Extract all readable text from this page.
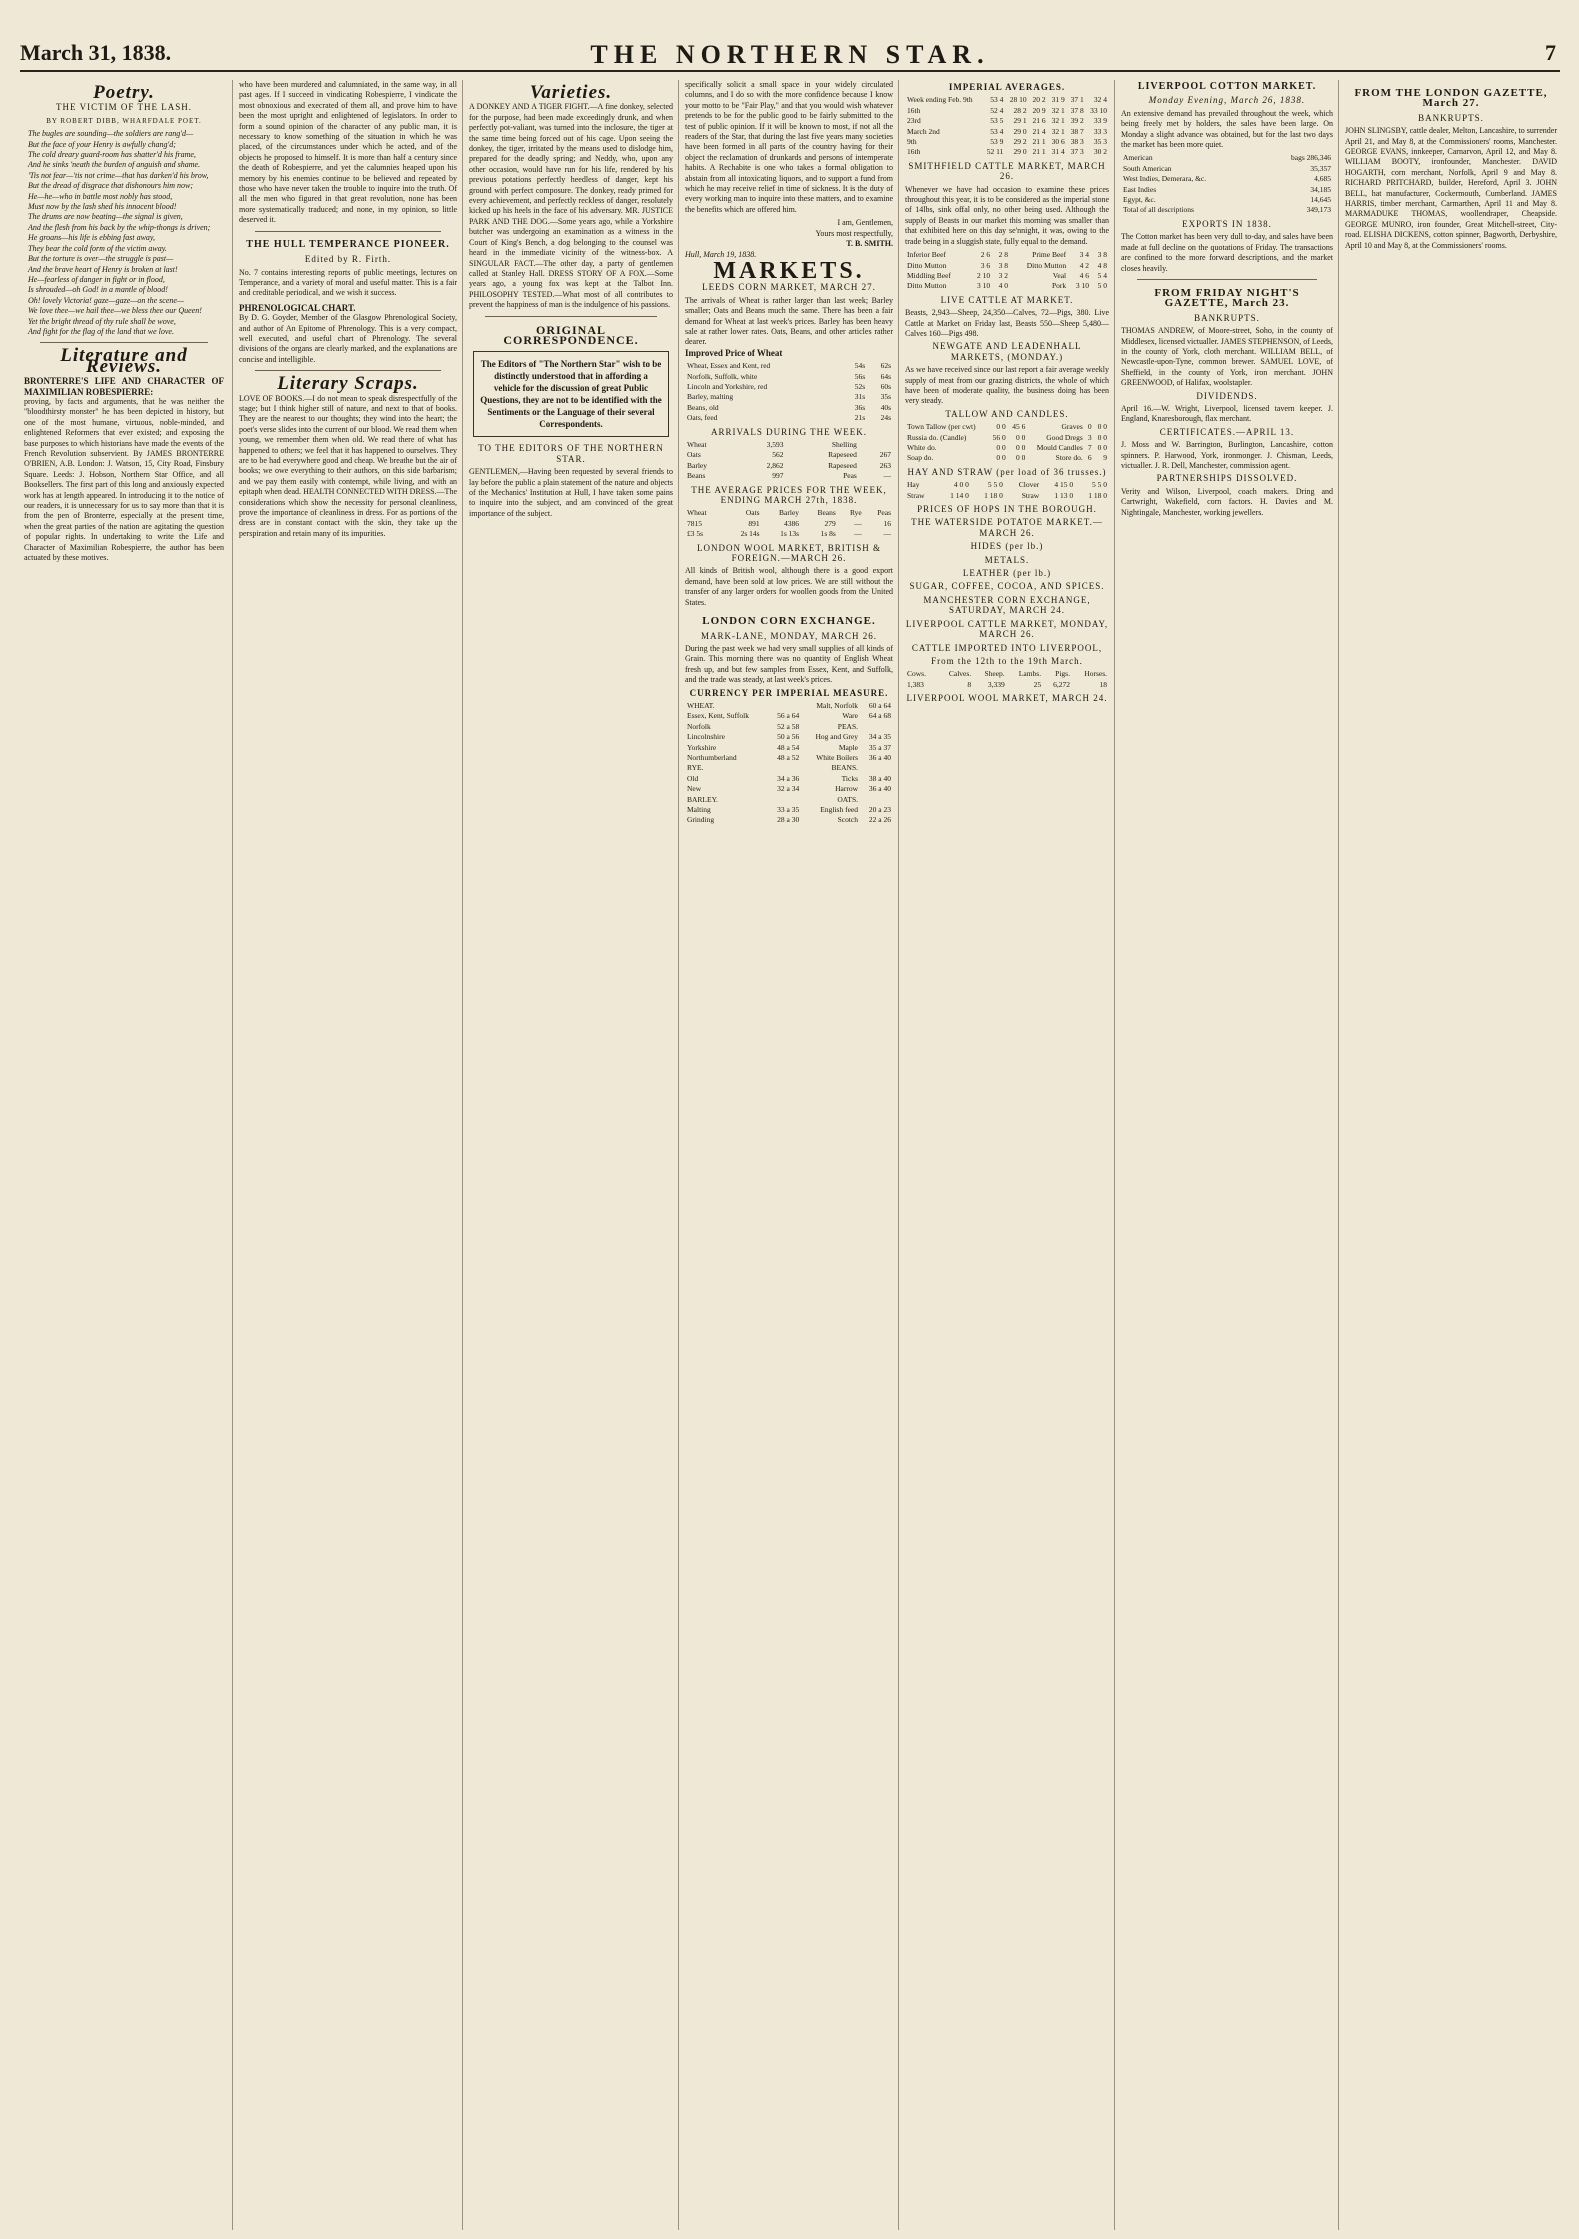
March 31, 1838.	THE NORTHERN STAR.	7
Poetry.
THE VICTIM OF THE LASH.
BY ROBERT DIBB, WHARFDALE POET.

The bugles are sounding—the soldiers are rang'd—

But the face of your Henry is awfully chang'd;

The cold dreary guard-room has shatter'd his frame,

And he sinks 'neath the burden of anguish and shame.

'Tis not fear—'tis not crime—that has darken'd his brow,

But the dread of disgrace that dishonours him now;

He—he—who in battle most nobly has stood,

Must now by the lash shed his innocent blood!

The drums are now beating—the signal is given,

And the flesh from his back by the whip-thongs is driven;

He groans—his life is ebbing fast away,

They bear the cold form of the victim away.

But the torture is over—the struggle is past—

And the brave heart of Henry is broken at last!

He—fearless of danger in fight or in flood,

Is shrouded—oh God! in a mantle of blood!

Oh! lovely Victoria! gaze—gaze—on the scene—

We love thee—we hail thee—we bless thee our Queen!

Yet the bright thread of thy rule shall be wove,

And fight for the flag of the land that we love.

Literature and Reviews.
BRONTERRE'S LIFE AND CHARACTER OF MAXIMILIAN ROBESPIERRE:
proving, by facts and arguments, that he was neither the "bloodthirsty monster" he has been depicted in history, but one of the most humane, virtuous, noble-minded, and enlightened Reformers that ever existed; and exposing the base purposes to which historians have made the events of the French Revolution subservient. By JAMES BRONTERRE O'BRIEN, A.B. London: J. Watson, 15, City Road, Finsbury Square. Leeds: J. Hobson, Northern Star Office, and all Booksellers. The first part of this long and anxiously expected work has at length appeared. In introducing it to the notice of our readers, it is unnecessary for us to say more than that it is from the pen of Bronterre, especially at the present time, when the great parties of the nation are agitating the question of popular rights. In undertaking to write the Life and Character of Maximilian Robespierre, the author has been actuated by these motives.
who have been murdered and calumniated, in the same way, in all past ages. If I succeed in vindicating Robespierre, I vindicate the most obnoxious and execrated of them all, and prove him to have been the most upright and enlightened of legislators. In order to form a sound opinion of the character of any public man, it is necessary to know something of the situation in which he was placed, of the circumstances under which he acted, and of the objects he proposed to himself. It is more than half a century since the death of Robespierre, and yet the calumnies heaped upon his memory by his enemies continue to be believed and repeated by those who have never taken the trouble to inquire into the truth. Of all the men who figured in that great revolution, none has been more systematically traduced; and none, in my opinion, so little deserved it.
THE HULL TEMPERANCE PIONEER.
Edited by R. Firth.
No. 7 contains interesting reports of public meetings, lectures on Temperance, and a variety of moral and useful matter. This is a fair and creditable periodical, and we wish it success.
PHRENOLOGICAL CHART.
By D. G. Goyder, Member of the Glasgow Phrenological Society, and author of An Epitome of Phrenology. This is a very compact, well executed, and useful chart of Phrenology. The several divisions of the organs are clearly marked, and the explanations are concise and intelligible.
Literary Scraps.
LOVE OF BOOKS.—I do not mean to speak disrespectfully of the stage; but I think higher still of nature, and next to that of books. They are the nearest to our thoughts; they wind into the heart; the poet's verse slides into the current of our blood. We read them when young, we remember them when old. We read there of what has happened to others; we feel that it has happened to ourselves. They are to be had everywhere good and cheap. We breathe but the air of books; we owe everything to their authors, on this side barbarism; and we pay them easily with contempt, while living, and with an epitaph when dead. HEALTH CONNECTED WITH DRESS.—The considerations which show the necessity for personal cleanliness, prove the importance of cleanliness in dress. For as portions of the dress are in constant contact with the skin, they take up the perspiration and retain many of its impurities.
Varieties.
A DONKEY AND A TIGER FIGHT.—A fine donkey, selected for the purpose, had been made exceedingly drunk, and when perfectly pot-valiant, was turned into the inclosure, the tiger at the same time being forced out of his cage. Upon seeing the donkey, the tiger, irritated by the means used to dislodge him, prepared for the deadly spring; and Neddy, who, upon any other occasion, would have run for his life, rendered by his previous potations perfectly heedless of danger, kept his ground with perfect composure. The donkey, ready primed for every achievement, and perfectly reckless of danger, resolutely kicked up his heels in the face of his adversary. MR. JUSTICE PARK AND THE DOG.—Some years ago, while a Yorkshire butcher was undergoing an examination as a witness in the Court of King's Bench, a dog belonging to the counsel was heard in the immediate vicinity of the witness-box. A SINGULAR FACT.—The other day, a party of gentlemen called at Stanley Hall. DRESS STORY OF A FOX.—Some years ago, a young fox was kept at the Talbot Inn. PHILOSOPHY TESTED.—What most of all contributes to prevent the happiness of man is the indulgence of his passions.
ORIGINAL CORRESPONDENCE.
The Editors of "The Northern Star" wish to be distinctly understood that in affording a vehicle for the discussion of great Public Questions, they are not to be identified with the Sentiments or the Language of their several Correspondents.
TO THE EDITORS OF THE NORTHERN STAR.
GENTLEMEN,—Having been requested by several friends to lay before the public a plain statement of the nature and objects of the Mechanics' Institution at Hull, I have taken some pains to inquire into the subject, and am convinced of the great importance of the subject.
specifically solicit a small space in your widely circulated columns, and I do so with the more confidence because I know your motto to be "Fair Play," and that you would wish whatever pretends to be for the public good to be fairly submitted to the test of public opinion. If it will be known to most, if not all the readers of the Star, that during the last five years many societies have been formed in all parts of the country having for their object the reclamation of drunkards and persons of intemperate habits. A Rechabite is one who takes a formal obligation to abstain from all intoxicating liquors, and to support a fund from which he may receive relief in time of sickness. It is the duty of every working man to inquire into these matters, and to examine the benefits which are offered him.
I am, Gentlemen,
Yours most respectfully,
T. B. SMITH.
Hull, March 19, 1838.
MARKETS.
LEEDS CORN MARKET, MARCH 27.
The arrivals of Wheat is rather larger than last week; Barley smaller; Oats and Beans much the same. There has been a fair demand for Wheat at last week's prices. Barley has been heavy sale at rather lower rates. Oats, Beans, and other articles rather dearer.
Improved Price of Wheat
Wheat, Essex and Kent, red	54s	62s
Norfolk, Suffolk, white	56s	64s
Lincoln and Yorkshire, red	52s	60s
Barley, malting	31s	35s
Beans, old	36s	40s
Oats, feed	21s	24s
ARRIVALS DURING THE WEEK.
Wheat	3,593	Shelling	
Oats	562	Rapeseed	267
Barley	2,862	Rapeseed	263
Beans	997	Peas	—
THE AVERAGE PRICES FOR THE WEEK, ENDING MARCH 27th, 1838.
Wheat	Oats	Barley	Beans	Rye	Peas
7815	891	4386	279	—	16
£3 5s	2s 14s	1s 13s	1s 8s	—	—
LONDON WOOL MARKET, BRITISH & FOREIGN.—MARCH 26.
All kinds of British wool, although there is a good export demand, have been sold at low prices. We are still without the transfer of any larger orders for woollen goods from the United States.
LONDON CORN EXCHANGE.
MARK-LANE, MONDAY, MARCH 26.
During the past week we had very small supplies of all kinds of Grain. This morning there was no quantity of English Wheat fresh up, and but few samples from Essex, Kent, and Suffolk, and the trade was steady, at last week's prices.
CURRENCY PER IMPERIAL MEASURE.
WHEAT.		Malt, Norfolk	60 a 64
Essex, Kent, Suffolk	56 a 64	Ware	64 a 68
Norfolk	52 a 58	PEAS.	
Lincolnshire	50 a 56	Hog and Grey	34 a 35
Yorkshire	48 a 54	Maple	35 a 37
Northumberland	48 a 52	White Boilers	36 a 40
RYE.		BEANS.	
Old	34 a 36	Ticks	38 a 40
New	32 a 34	Harrow	36 a 40
BARLEY.		OATS.	
Malting	33 a 35	English feed	20 a 23
Grinding	28 a 30	Scotch	22 a 26
IMPERIAL AVERAGES.
Week ending Feb. 9th	53 4	28 10	20 2	31 9	37 1	32 4
16th	52 4	28 2	20 9	32 1	37 8	33 10
23rd	53 5	29 1	21 6	32 1	39 2	33 9
March 2nd	53 4	29 0	21 4	32 1	38 7	33 3
9th	53 9	29 2	21 1	30 6	38 3	35 3
16th	52 11	29 0	21 1	31 4	37 3	30 2
SMITHFIELD CATTLE MARKET, MARCH 26.
Whenever we have had occasion to examine these prices throughout this year, it is to be considered as the imperial stone of 14lbs, sink offal only, no other being used. Although the supply of Beasts in our market this morning was smaller than that exhibited here on this day se'nnight, it was, owing to the trade being in a sluggish state, fully equal to the demand.
Inferior Beef	2 6	2 8	Prime Beef	3 4	3 8
Ditto Mutton	3 6	3 8	Ditto Mutton	4 2	4 8
Middling Beef	2 10	3 2	Veal	4 6	5 4
Ditto Mutton	3 10	4 0	Pork	3 10	5 0
LIVE CATTLE AT MARKET.
Beasts, 2,943—Sheep, 24,350—Calves, 72—Pigs, 380. Live Cattle at Market on Friday last, Beasts 550—Sheep 5,480—Calves 160—Pigs 498.
NEWGATE AND LEADENHALL MARKETS, (MONDAY.)
As we have received since our last report a fair average weekly supply of meat from our grazing districts, the whole of which have been of moderate quality, the business doing has been very steady.
TALLOW AND CANDLES.
Town Tallow (per cwt)	0 0	45 6	Graves	0	0 0
Russia do. (Candle)	56 0	0 0	Good Dregs	3	0 0
White do.	0 0	0 0	Mould Candles	7	0 0
Soap do.	0 0	0 0	Store do.	6	9
HAY AND STRAW (per load of 36 trusses.)
Hay	4 0 0	5 5 0	Clover	4 15 0	5 5 0
Straw	1 14 0	1 18 0	Straw	1 13 0	1 18 0
PRICES OF HOPS IN THE BOROUGH.
THE WATERSIDE POTATOE MARKET.—MARCH 26.
HIDES (per lb.)
METALS.
LEATHER (per lb.)
SUGAR, COFFEE, COCOA, AND SPICES.
MANCHESTER CORN EXCHANGE, SATURDAY, MARCH 24.
LIVERPOOL CATTLE MARKET, MONDAY, MARCH 26.
CATTLE IMPORTED INTO LIVERPOOL,
From the 12th to the 19th March.
Cows.	Calves.	Sheep.	Lambs.	Pigs.	Horses.
1,383	8	3,339	25	6,272	18
LIVERPOOL WOOL MARKET, MARCH 24.
LIVERPOOL COTTON MARKET.
Monday Evening, March 26, 1838.
An extensive demand has prevailed throughout the week, which being freely met by holders, the sales have been large. On Monday a slight advance was obtained, but for the last two days the market has been more quiet.
American	bags 286,346
South American	35,357
West Indies, Demerara, &c.	4,685
East Indies	34,185
Egypt, &c.	14,645
Total of all descriptions	349,173
EXPORTS IN 1838.
The Cotton market has been very dull to-day, and sales have been made at full decline on the quotations of Friday. The transactions are confined to the more forward descriptions, and the market closes heavily.
FROM FRIDAY NIGHT'S GAZETTE, March 23.
BANKRUPTS.
THOMAS ANDREW, of Moore-street, Soho, in the county of Middlesex, licensed victualler. JAMES STEPHENSON, of Leeds, in the county of York, cloth merchant. WILLIAM BELL, of Newcastle-upon-Tyne, common brewer. SAMUEL LOVE, of Sheffield, in the county of York, iron merchant. JOHN GREENWOOD, of Halifax, woolstapler.
DIVIDENDS.
April 16.—W. Wright, Liverpool, licensed tavern keeper. J. England, Knaresborough, flax merchant.
CERTIFICATES.—APRIL 13.
J. Moss and W. Barrington, Burlington, Lancashire, cotton spinners. P. Harwood, York, ironmonger. J. Chisman, Leeds, victualler. J. R. Dell, Manchester, commission agent.
PARTNERSHIPS DISSOLVED.
Verity and Wilson, Liverpool, coach makers. Dring and Cartwright, Wakefield, corn factors. H. Davies and M. Nightingale, Manchester, working jewellers.
FROM THE LONDON GAZETTE, March 27.
BANKRUPTS.
JOHN SLINGSBY, cattle dealer, Melton, Lancashire, to surrender April 21, and May 8, at the Commissioners' rooms, Manchester. GEORGE EVANS, innkeeper, Carnarvon, April 12, and May 8. WILLIAM BOOTY, ironfounder, Manchester. DAVID HOGARTH, corn merchant, Norfolk, April 9 and May 8. RICHARD PRITCHARD, builder, Hereford, April 3. JOHN BELL, hat manufacturer, Cockermouth, Cumberland. JAMES HARRIS, timber merchant, Carmarthen, April 11 and May 8. MARMADUKE THOMAS, woollendraper, Cheapside. GEORGE MUNRO, iron founder, Great Mitchell-street, City-road. ELISHA DICKENS, cotton spinner, Bagworth, Derbyshire, April 10 and May 8, at the Commissioners' rooms.
